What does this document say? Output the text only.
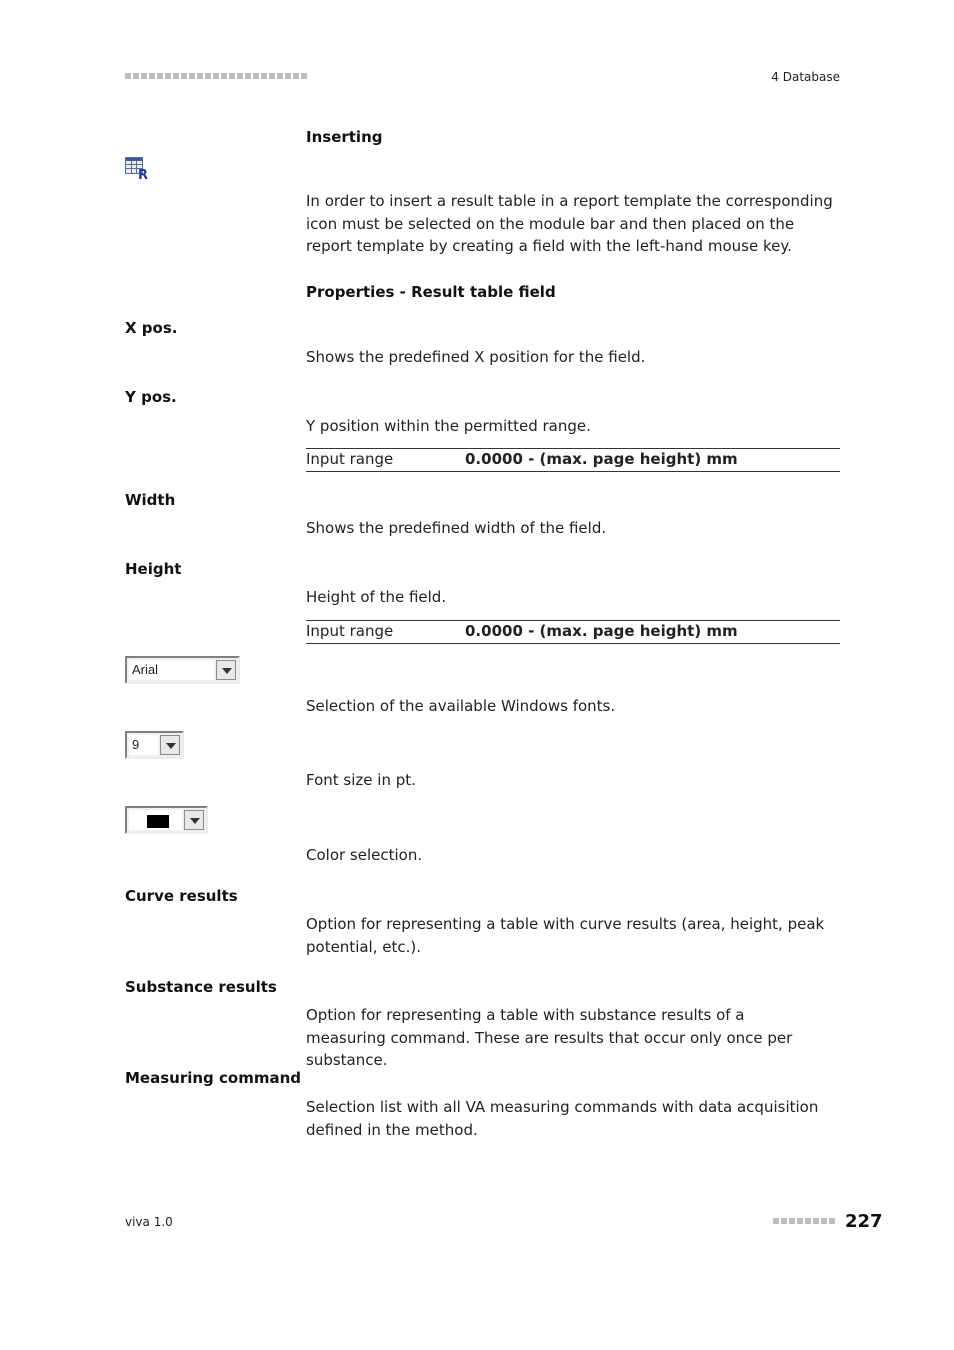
4 Database
Inserting
R
In order to insert a result table in a report template the corresponding icon must be selected on the module bar and then placed on the report template by creating a field with the left-hand mouse key.
Properties - Result table field
X pos.
Shows the predefined X position for the field.
Y pos.
Y position within the permitted range.
Input range	0.0000 - (max. page height) mm
Width
Shows the predefined width of the field.
Height
Height of the field.
Input range	0.0000 - (max. page height) mm
Arial
Selection of the available Windows fonts.
9
Font size in pt.
Color selection.
Curve results
Option for representing a table with curve results (area, height, peak potential, etc.).
Substance results
Option for representing a table with substance results of a measuring command. These are results that occur only once per substance.
Measuring command
Selection list with all VA measuring commands with data acquisition defined in the method.
viva 1.0	227
